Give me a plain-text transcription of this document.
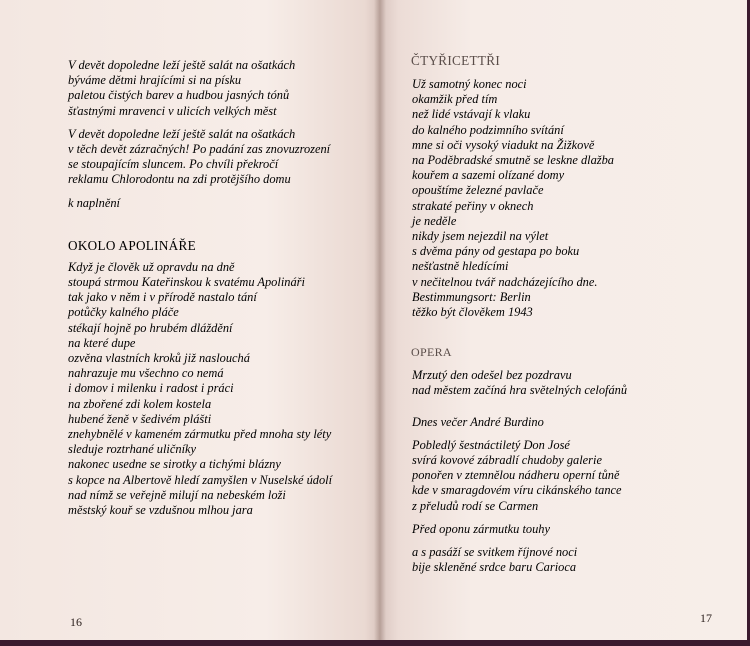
V devět dopoledne leží ještě salát na ošatkách
bývámе dětmi hrajícími si na písku
paletou čistých barev a hudbou jasných tónů
šťastnými mravenci v ulicích velkých měst
V devět dopoledne leží ještě salát na ošatkách
v těch devět zázračných! Po padání zas znovuzrození
se stoupajícím sluncem. Po chvíli překročí
reklamu Chlorodontu na zdi protějšího domu
k naplnění
OKOLO APOLINÁŘE
Když je člověk už opravdu na dně
stoupá strmou Kateřinskou k svatému Apolináři
tak jako v něm i v přírodě nastalo tání
potůčky kalného pláče
stékají hojně po hrubém dláždění
na které dupe
ozvěna vlastních kroků již naslouchá
nahrazuje mu všechno co nemá
i domov i milenku i radost i práci
na zbořené zdi kolem kostela
hubené ženě v šedivém plášti
znehybnělé v kameném zármutku před mnoha sty léty
sleduje roztrhané uličníky
nakonec usedne se sirotky a tichými blázny
s kopce na Albertově hledí zamyšlen v Nuselské údolí
nad nímž se veřejně milují na nebeském loži
městský kouř se vzdušnou mlhou jara
16
ČTYŘICETTŘI
Už samotný konec noci
okamžik před tím
než lidé vstávají k vlaku
do kalného podzimního svítání
mne si oči vysoký viadukt na Žižkově
na Poděbradské smutně se leskne dlažba
kouřem a sazemi olízané domy
opouštíme železné pavlače
strakaté peřiny v oknech
je neděle
nikdy jsem nejezdil na výlet
s dvěma pány od gestapa po boku
nešťastně hledícími
v nečitelnou tvář nadcházejícího dne.
Bestimmungsort: Berlin
těžko být člověkem 1943
OPERA
Mrzutý den odešel bez pozdravu
nad městem začíná hra světelných celofánů
Dnes večer André Burdino
Pobledlý šestnáctiletý Don José
svírá kovové zábradlí chudoby galerie
ponořen v ztemnělou nádheru operní tůně
kde v smaragdovém víru cikánského tance
z přeludů rodí se Carmen
Před oponu zármutku touhy
a s pasáží se svitkem říjnové noci
bije skleněné srdce baru Carioca
17
